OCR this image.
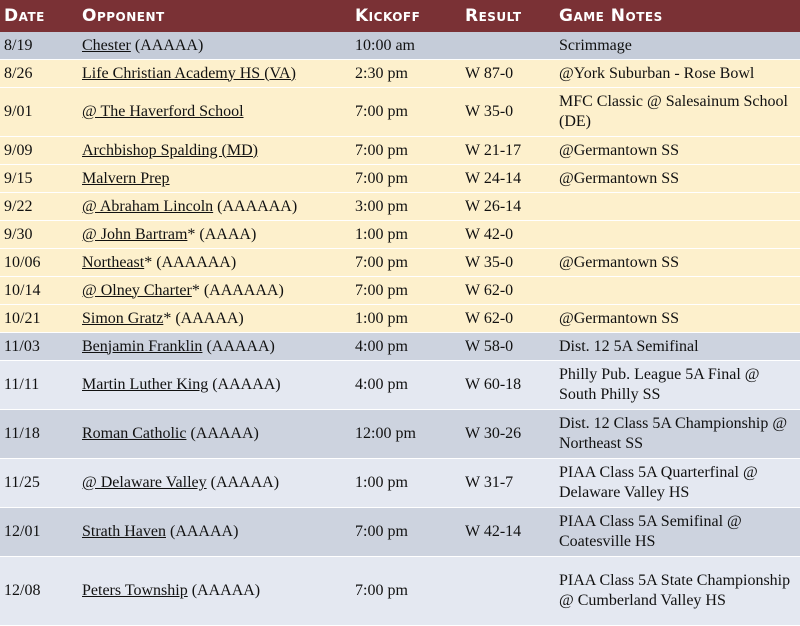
Date	Opponent	Kickoff	Result	Game Notes
8/19	Chester (AAAAA)	10:00 am		Scrimmage
8/26	Life Christian Academy HS (VA)	2:30 pm	W 87-0	@York Suburban - Rose Bowl
9/01	@ The Haverford School	7:00 pm	W 35-0	MFC Classic @ Salesainum School (DE)
9/09	Archbishop Spalding (MD)	7:00 pm	W 21-17	@Germantown SS
9/15	Malvern Prep	7:00 pm	W 24-14	@Germantown SS
9/22	@ Abraham Lincoln (AAAAAA)	3:00 pm	W 26-14	
9/30	@ John Bartram* (AAAA)	1:00 pm	W 42-0	
10/06	Northeast* (AAAAAA)	7:00 pm	W 35-0	@Germantown SS
10/14	@ Olney Charter* (AAAAAA)	7:00 pm	W 62-0	
10/21	Simon Gratz* (AAAAA)	1:00 pm	W 62-0	@Germantown SS
11/03	Benjamin Franklin (AAAAA)	4:00 pm	W 58-0	Dist. 12 5A Semifinal
11/11	Martin Luther King (AAAAA)	4:00 pm	W 60-18	Philly Pub. League 5A Final @ South Philly SS
11/18	Roman Catholic (AAAAA)	12:00 pm	W 30-26	Dist. 12 Class 5A Championship @ Northeast SS
11/25	@ Delaware Valley (AAAAA)	1:00 pm	W 31-7	PIAA Class 5A Quarterfinal @ Delaware Valley HS
12/01	Strath Haven (AAAAA)	7:00 pm	W 42-14	PIAA Class 5A Semifinal @ Coatesville HS
12/08	Peters Township (AAAAA)	7:00 pm		PIAA Class 5A State Championship @ Cumberland Valley HS
